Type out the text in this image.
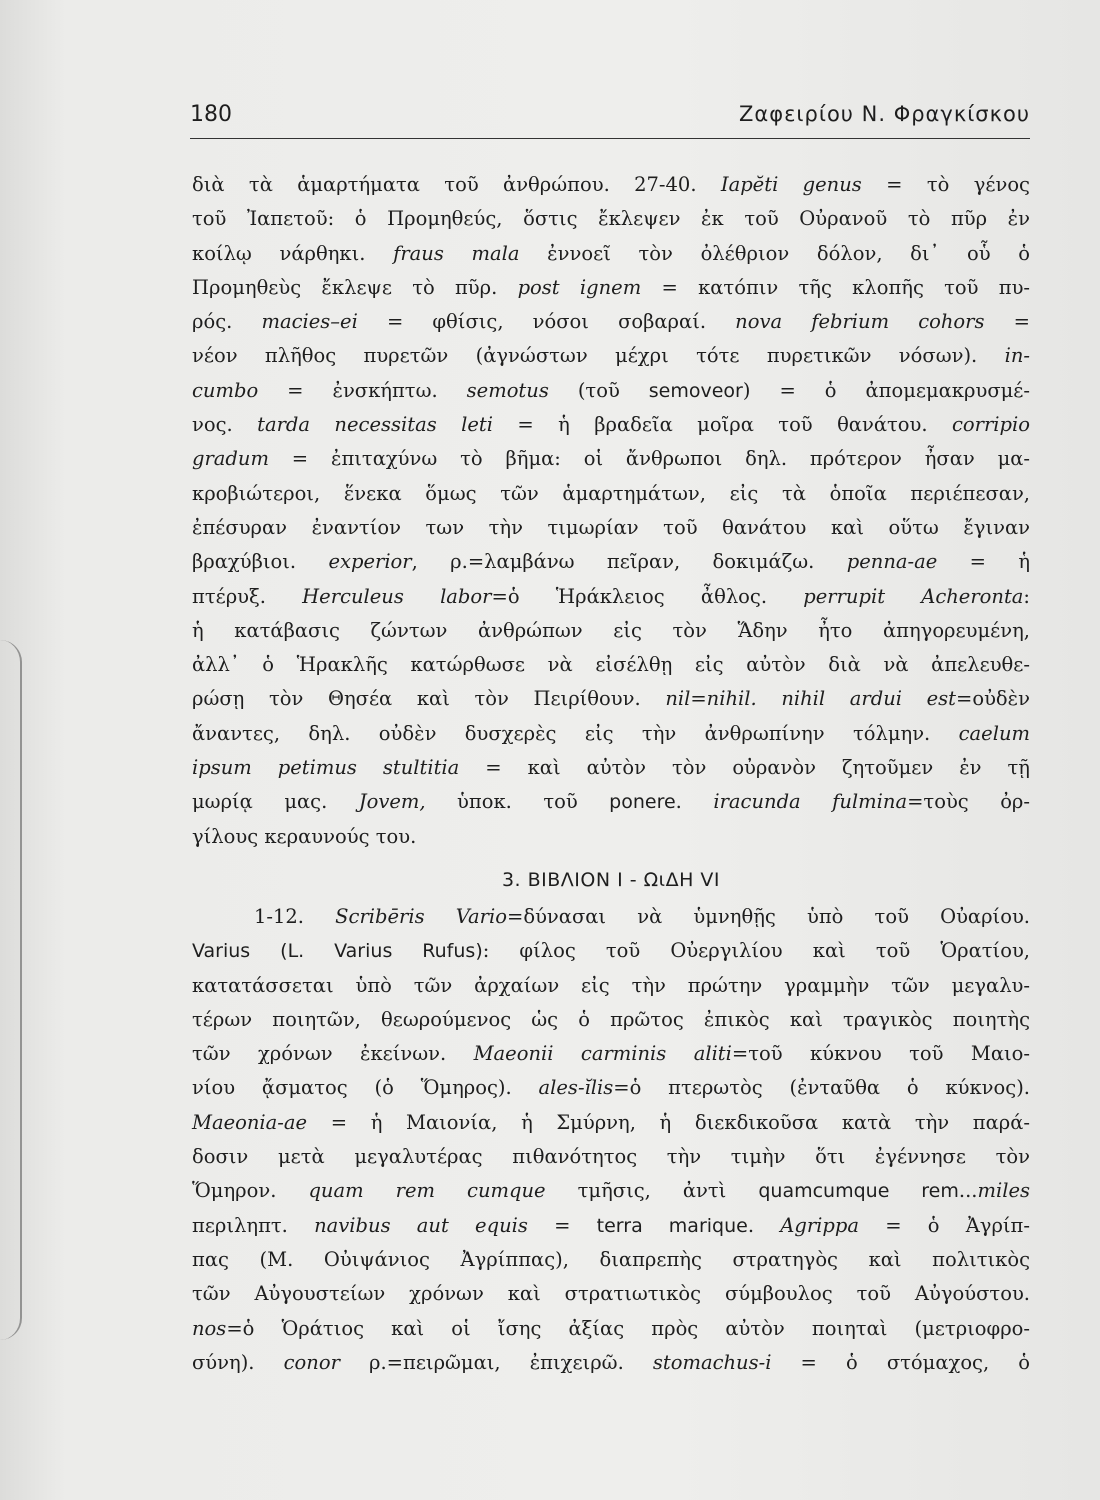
180	Ζαφειρίου Ν. Φραγκίσκου
διὰ τὰ ἁμαρτήματα τοῦ ἀνθρώπου. 27-40. Iapĕti genus = τὸ γένος
τοῦ Ἰαπετοῦ: ὁ Προμηθεύς, ὅστις ἔκλεψεν ἐκ τοῦ Οὐρανοῦ τὸ πῦρ ἐν
κοίλῳ νάρθηκι. fraus mala ἐννοεῖ τὸν ὀλέθριον δόλον, δι᾿ οὗ ὁ
Προμηθεὺς ἔκλεψε τὸ πῦρ. post ignem = κατόπιν τῆς κλοπῆς τοῦ πυ-
ρός. macies–ei = φθίσις, νόσοι σοβαραί. nova febrium cohors =
νέον πλῆθος πυρετῶν (ἀγνώστων μέχρι τότε πυρετικῶν νόσων). in-
cumbo = ἐνσκήπτω. semotus (τοῦ semoveor) = ὁ ἀπομεμακρυσμέ-
νος. tarda necessitas leti = ἡ βραδεῖα μοῖρα τοῦ θανάτου. corripio
gradum = ἐπιταχύνω τὸ βῆμα: οἱ ἄνθρωποι δηλ. πρότερον ἦσαν μα-
κροβιώτεροι, ἕνεκα ὅμως τῶν ἁμαρτημάτων, εἰς τὰ ὁποῖα περιέπεσαν,
ἐπέσυραν ἐναντίον των τὴν τιμωρίαν τοῦ θανάτου καὶ οὕτω ἔγιναν
βραχύβιοι. experior, ρ.=λαμβάνω πεῖραν, δοκιμάζω. penna-ae = ἡ
πτέρυξ. Herculeus labor=ὁ Ἡράκλειος ἆθλος. perrupit Acheronta:
ἡ κατάβασις ζώντων ἀνθρώπων εἰς τὸν Ἅδην ἦτο ἀπηγορευμένη,
ἀλλ᾿ ὁ Ἡρακλῆς κατώρθωσε νὰ εἰσέλθῃ εἰς αὐτὸν διὰ νὰ ἀπελευθε-
ρώσῃ τὸν Θησέα καὶ τὸν Πειρίθουν. nil=nihil. nihil ardui est=οὐδὲν
ἄναντες, δηλ. οὐδὲν δυσχερὲς εἰς τὴν ἀνθρωπίνην τόλμην. caelum
ipsum petimus stultitia = καὶ αὐτὸν τὸν οὐρανὸν ζητοῦμεν ἐν τῇ
μωρίᾳ μας. Jovem, ὑποκ. τοῦ ponere. iracunda fulmina=τοὺς ὀρ-
γίλους κεραυνούς του.
3. ΒΙΒΛΙΟΝ Ι - ΩιΔΗ VI
1-12. Scribēris Vario=δύνασαι νὰ ὑμνηθῇς ὑπὸ τοῦ Οὐαρίου.
Varius (L. Varius Rufus): φίλος τοῦ Οὐεργιλίου καὶ τοῦ Ὁρατίου,
κατατάσσεται ὑπὸ τῶν ἀρχαίων εἰς τὴν πρώτην γραμμὴν τῶν μεγαλυ-
τέρων ποιητῶν, θεωρούμενος ὡς ὁ πρῶτος ἐπικὸς καὶ τραγικὸς ποιητὴς
τῶν χρόνων ἐκείνων. Maeonii carminis aliti=τοῦ κύκνου τοῦ Μαιο-
νίου ᾄσματος (ὁ Ὅμηρος). ales-ĭlis=ὁ πτερωτὸς (ἐνταῦθα ὁ κύκνος).
Maeonia-ae = ἡ Μαιονία, ἡ Σμύρνη, ἡ διεκδικοῦσα κατὰ τὴν παρά-
δοσιν μετὰ μεγαλυτέρας πιθανότητος τὴν τιμὴν ὅτι ἐγέννησε τὸν
Ὅμηρον. quam rem cumque τμῆσις, ἀντὶ quamcumque rem...miles
περιληπτ. navibus aut equis = terra marique. Agrippa = ὁ Ἀγρίπ-
πας (Μ. Οὐιψάνιος Ἀγρίππας), διαπρεπὴς στρατηγὸς καὶ πολιτικὸς
τῶν Αὐγουστείων χρόνων καὶ στρατιωτικὸς σύμβουλος τοῦ Αὐγούστου.
nos=ὁ Ὁράτιος καὶ οἱ ἴσης ἀξίας πρὸς αὐτὸν ποιηταὶ (μετριοφρο-
σύνη). conor ρ.=πειρῶμαι, ἐπιχειρῶ. stomachus-i = ὁ στόμαχος, ὁ
